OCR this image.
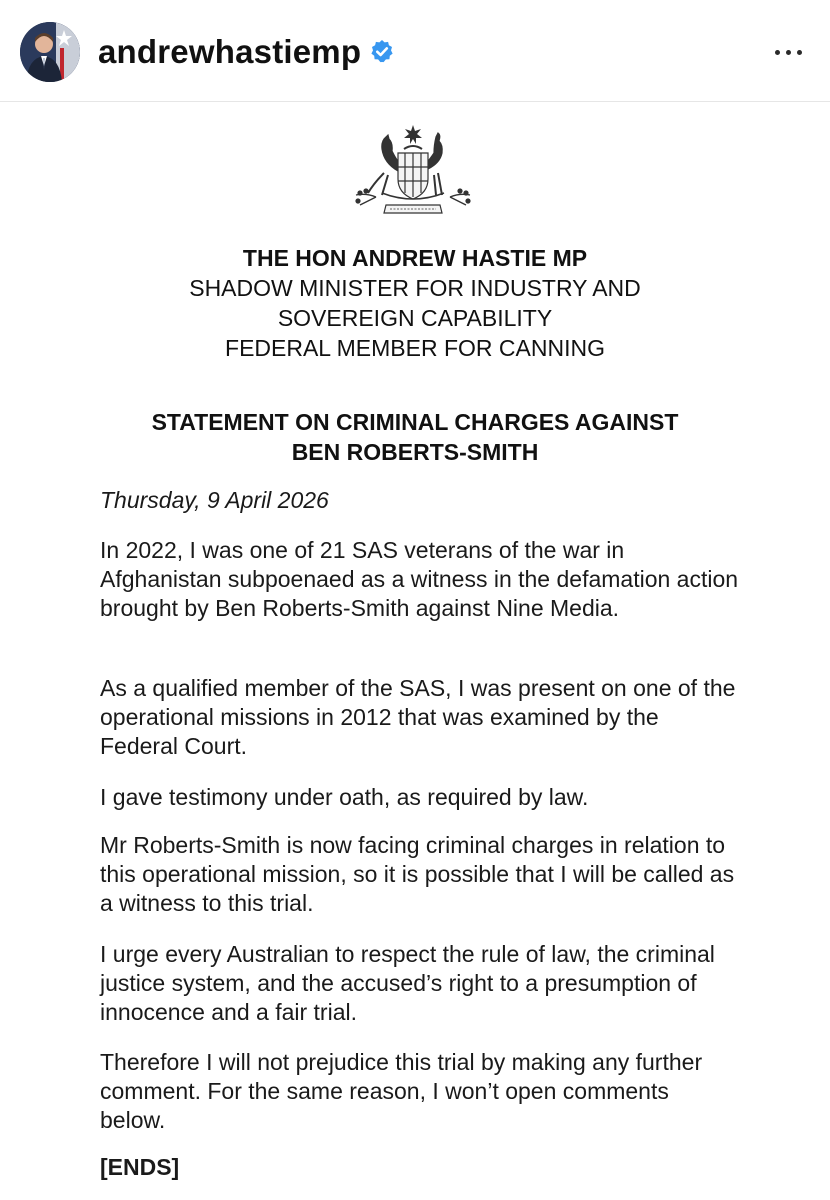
andrewhastiemp
THE HON ANDREW HASTIE MP
SHADOW MINISTER FOR INDUSTRY AND
SOVEREIGN CAPABILITY
FEDERAL MEMBER FOR CANNING
STATEMENT ON CRIMINAL CHARGES AGAINST
BEN ROBERTS-SMITH
Thursday, 9 April 2026

In 2022, I was one of 21 SAS veterans of the war in Afghanistan subpoenaed as a witness in the defamation action brought by Ben Roberts-Smith against Nine Media.

As a qualified member of the SAS, I was present on one of the operational missions in 2012 that was examined by the Federal Court.

I gave testimony under oath, as required by law.

Mr Roberts-Smith is now facing criminal charges in relation to this operational mission, so it is possible that I will be called as a witness to this trial.

I urge every Australian to respect the rule of law, the criminal justice system, and the accused’s right to a presumption of innocence and a fair trial.

Therefore I will not prejudice this trial by making any further comment. For the same reason, I won’t open comments below.

[ENDS]
